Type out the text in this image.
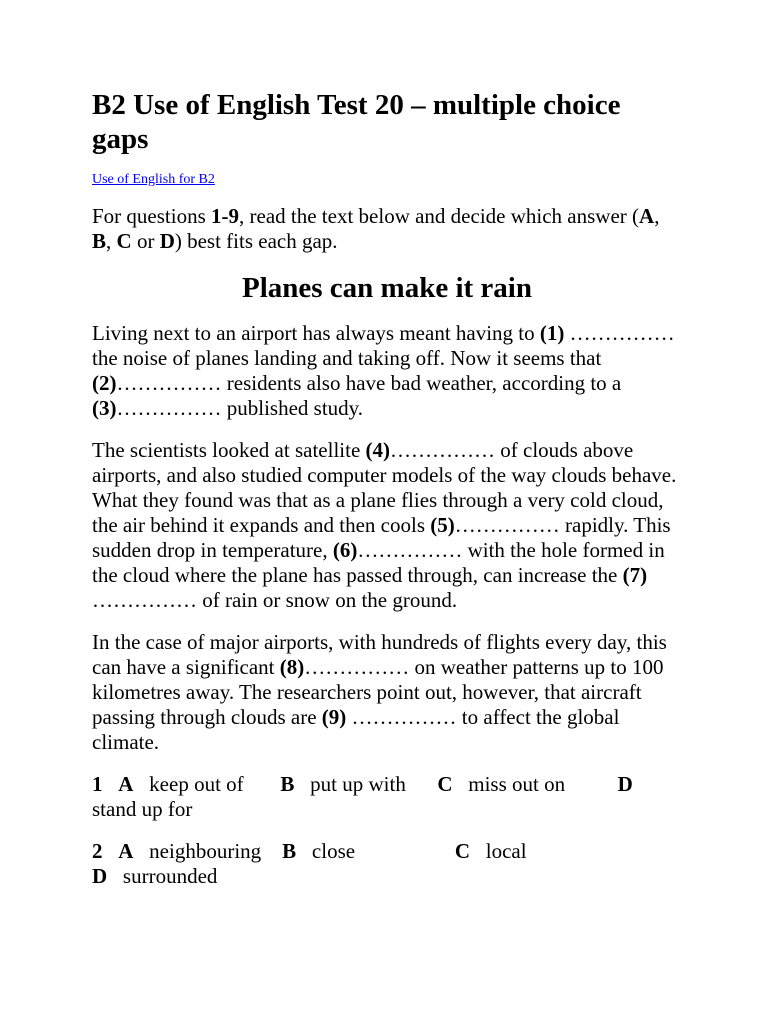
B2 Use of English Test 20 – multiple choice gaps
Use of English for B2

For questions 1-9, read the text below and decide which answer (A, B, C or D) best fits each gap.

Planes can make it rain

Living next to an airport has always meant having to (1) …………… the noise of planes landing and taking off. Now it seems that (2)…………… residents also have bad weather, according to a (3)…………… published study.

The scientists looked at satellite (4)…………… of clouds above airports, and also studied computer models of the way clouds behave. What they found was that as a plane flies through a very cold cloud, the air behind it expands and then cools (5)…………… rapidly. This sudden drop in temperature, (6)…………… with the hole formed in the cloud where the plane has passed through, can increase the (7) …………… of rain or snow on the ground.

In the case of major airports, with hundreds of flights every day, this can have a significant (8)…………… on weather patterns up to 100 kilometres away. The researchers point out, however, that aircraft passing through clouds are (9) …………… to affect the global climate.

1 A keep out of B put up with C miss out on	D stand up for

2 A neighbouring B close	C local                            D surrounded
